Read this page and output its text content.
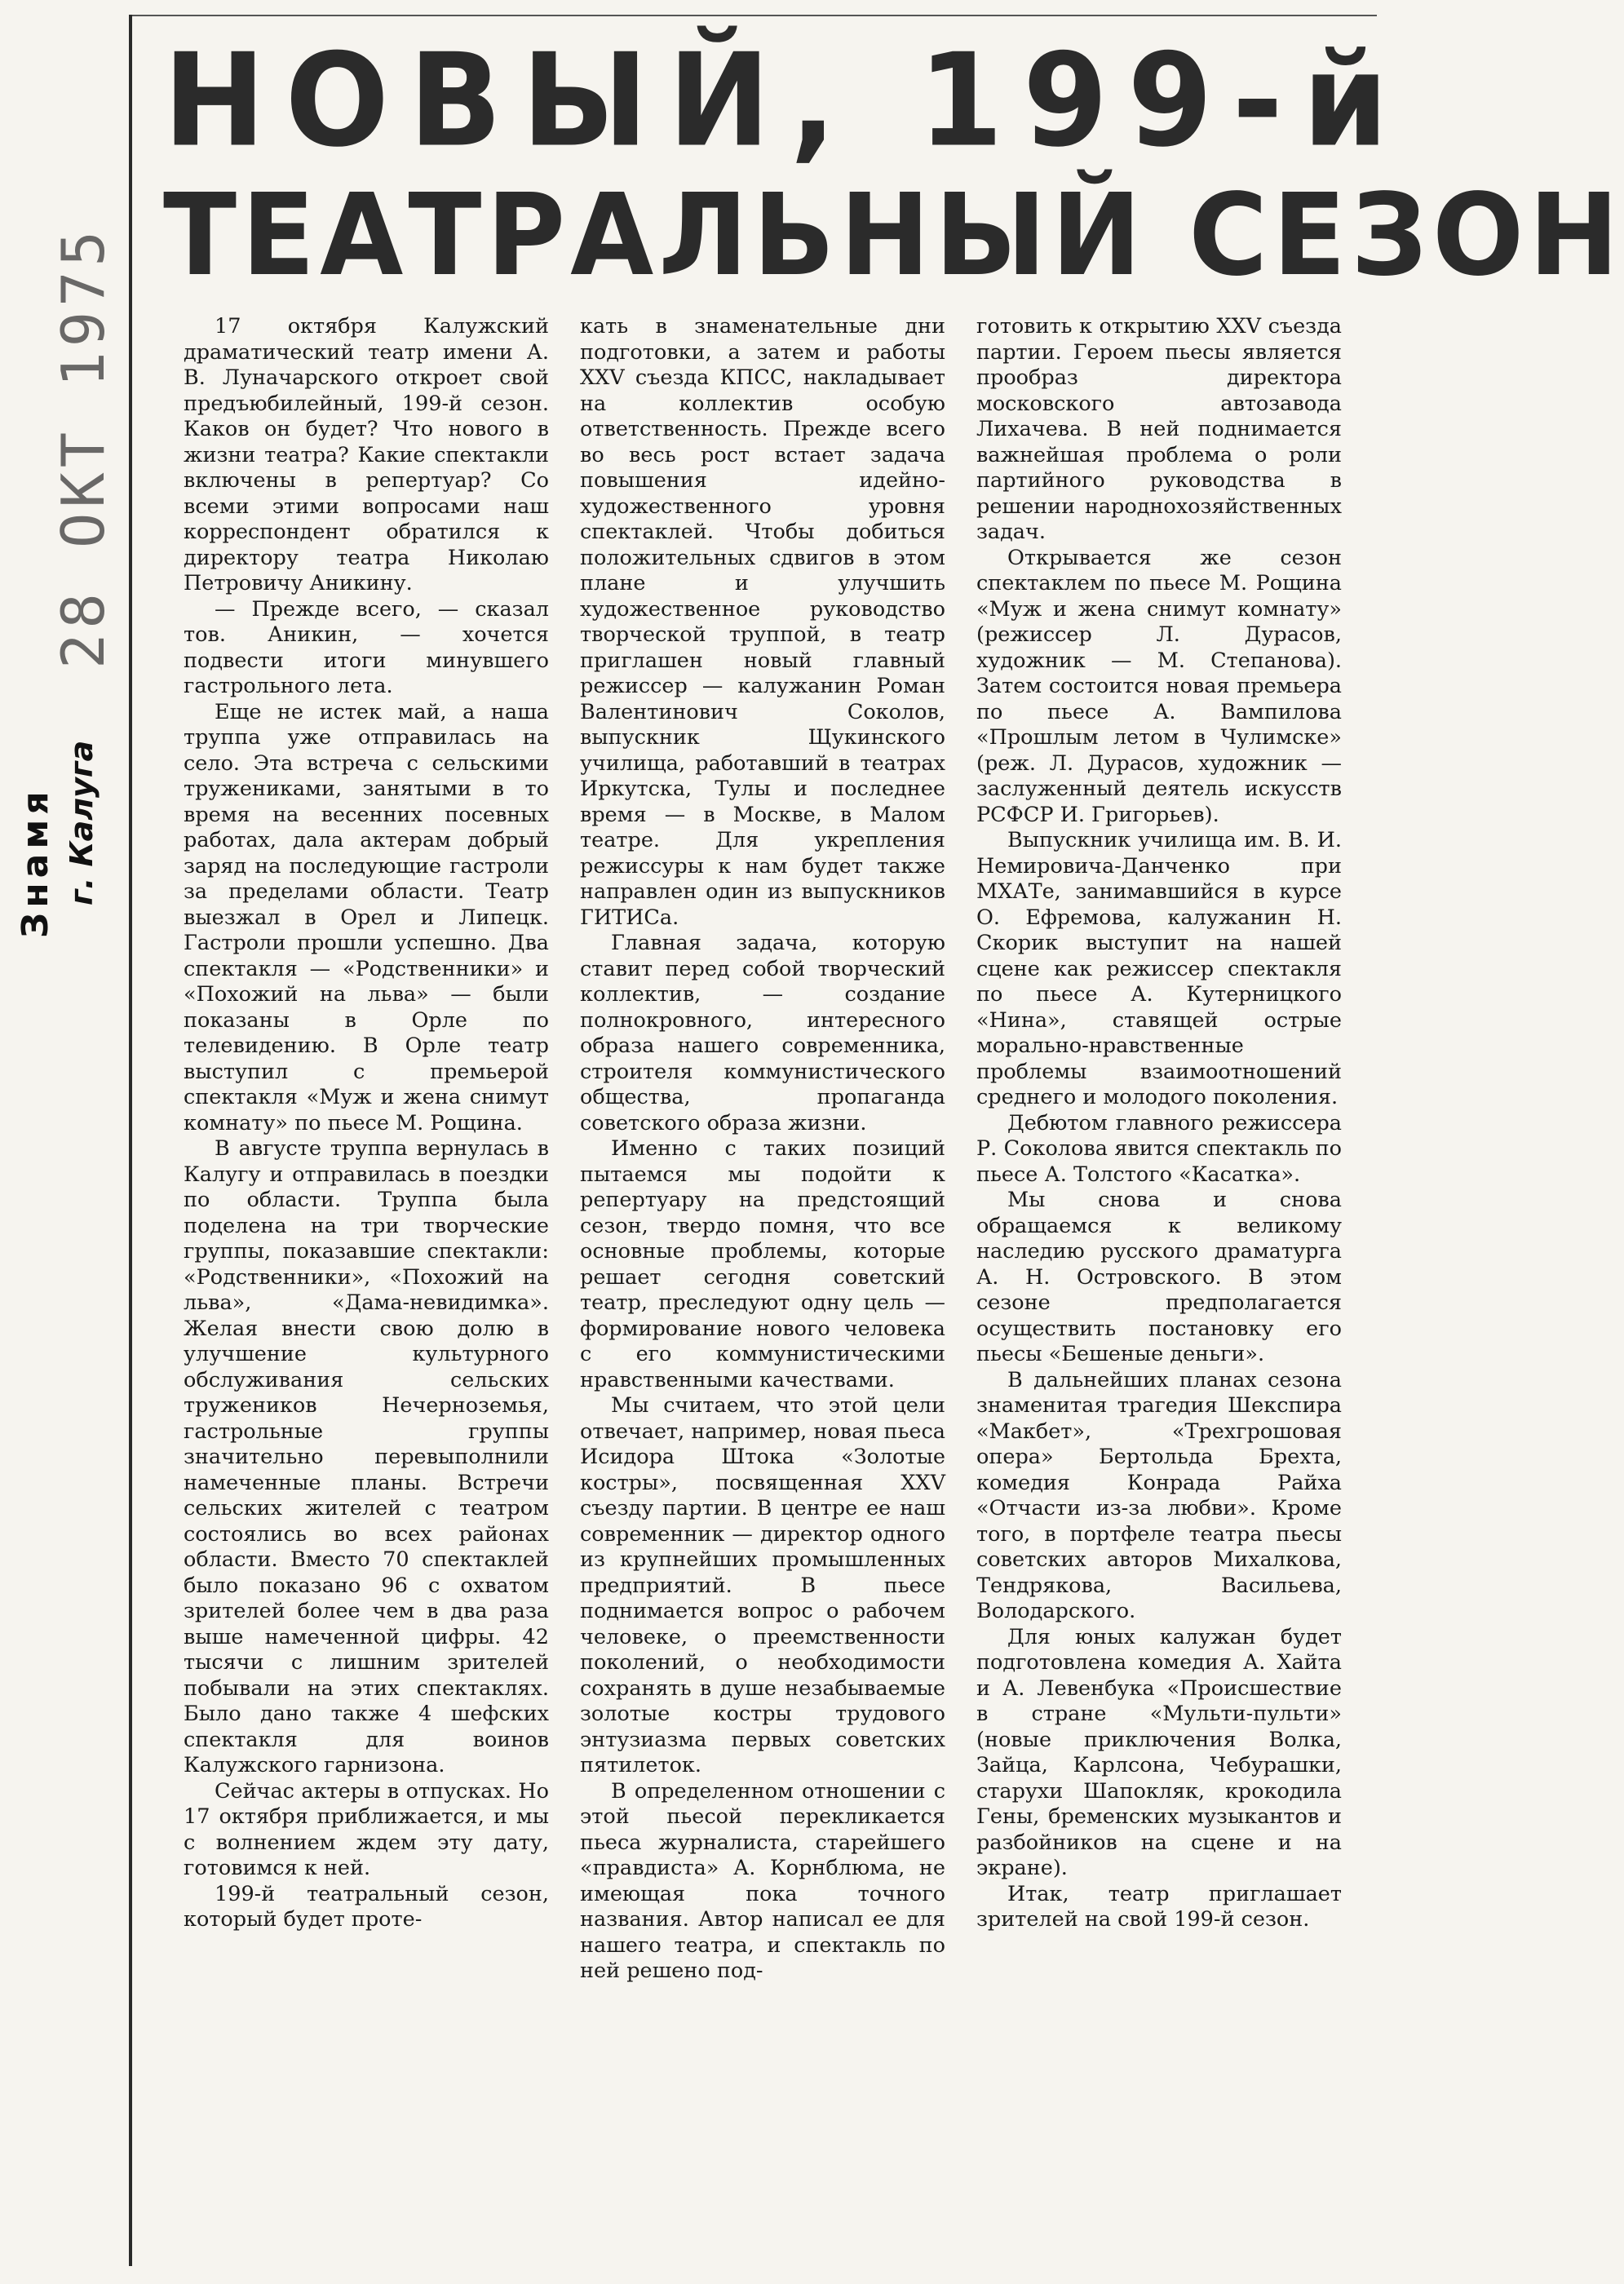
28 ОКТ 1975
Знамя г. Калуга
НОВЫЙ, 199-й
ТЕАТРАЛЬНЫЙ СЕЗОН

17 октября Калужский драматический театр имени А. В. Луначарского откроет свой предъюбилейный, 199-й сезон. Каков он будет? Что нового в жизни театра? Какие спектакли включены в репертуар? Со всеми этими вопросами наш корреспондент обратился к директору театра Николаю Петровичу Аникину.

— Прежде всего, — сказал тов. Аникин, — хочется подвести итоги минувшего гастрольного лета.

Еще не истек май, а наша труппа уже отправилась на село. Эта встреча с сельскими тружениками, занятыми в то время на весенних посевных работах, дала актерам добрый заряд на последующие гастроли за пределами области. Театр выезжал в Орел и Липецк. Гастроли прошли успешно. Два спектакля — «Родственники» и «Похожий на льва» — были показаны в Орле по телевидению. В Орле театр выступил с премьерой спектакля «Муж и жена снимут комнату» по пьесе М. Рощина.

В августе труппа вернулась в Калугу и отправилась в поездки по области. Труппа была поделена на три творческие группы, показавшие спектакли: «Родственники», «Похожий на льва», «Дама-невидимка». Желая внести свою долю в улучшение культурного обслуживания сельских тружеников Нечерноземья, гастрольные группы значительно перевыполнили намеченные планы. Встречи сельских жителей с театром состоялись во всех районах области. Вместо 70 спектаклей было показано 96 с охватом зрителей более чем в два раза выше намеченной цифры. 42 тысячи с лишним зрителей побывали на этих спектаклях. Было дано также 4 шефских спектакля для воинов Калужского гарнизона.

Сейчас актеры в отпусках. Но 17 октября приближается, и мы с волнением ждем эту дату, готовимся к ней.

199-й театральный сезон, который будет проте-

кать в знаменательные дни подготовки, а затем и работы XXV съезда КПСС, накладывает на коллектив особую ответственность. Прежде всего во весь рост встает задача повышения идейно-художественного уровня спектаклей. Чтобы добиться положительных сдвигов в этом плане и улучшить художественное руководство творческой труппой, в театр приглашен новый главный режиссер — калужанин Роман Валентинович Соколов, выпускник Щукинского училища, работавший в театрах Иркутска, Тулы и последнее время — в Москве, в Малом театре. Для укрепления режиссуры к нам будет также направлен один из выпускников ГИТИСа.

Главная задача, которую ставит перед собой творческий коллектив, — создание полнокровного, интересного образа нашего современника, строителя коммунистического общества, пропаганда советского образа жизни.

Именно с таких позиций пытаемся мы подойти к репертуару на предстоящий сезон, твердо помня, что все основные проблемы, которые решает сегодня советский театр, преследуют одну цель — формирование нового человека с его коммунистическими нравственными качествами.

Мы считаем, что этой цели отвечает, например, новая пьеса Исидора Штока «Золотые костры», посвященная XXV съезду партии. В центре ее наш современник — директор одного из крупнейших промышленных предприятий. В пьесе поднимается вопрос о рабочем человеке, о преемственности поколений, о необходимости сохранять в душе незабываемые золотые костры трудового энтузиазма первых советских пятилеток.

В определенном отношении с этой пьесой перекликается пьеса журналиста, старейшего «правдиста» А. Корнблюма, не имеющая пока точного названия. Автор написал ее для нашего театра, и спектакль по ней решено под-

готовить к открытию XXV съезда партии. Героем пьесы является прообраз директора московского автозавода Лихачева. В ней поднимается важнейшая проблема о роли партийного руководства в решении народнохозяйственных задач.

Открывается же сезон спектаклем по пьесе М. Рощина «Муж и жена снимут комнату» (режиссер Л. Дурасов, художник — М. Степанова). Затем состоится новая премьера по пьесе А. Вампилова «Прошлым летом в Чулимске» (реж. Л. Дурасов, художник — заслуженный деятель искусств РСФСР И. Григорьев).

Выпускник училища им. В. И. Немировича-Данченко при МХАТе, занимавшийся в курсе О. Ефремова, калужанин Н. Скорик выступит на нашей сцене как режиссер спектакля по пьесе А. Кутерницкого «Нина», ставящей острые морально-нравственные проблемы взаимоотношений среднего и молодого поколения.

Дебютом главного режиссера Р. Соколова явится спектакль по пьесе А. Толстого «Касатка».

Мы снова и снова обращаемся к великому наследию русского драматурга А. Н. Островского. В этом сезоне предполагается осуществить постановку его пьесы «Бешеные деньги».

В дальнейших планах сезона знаменитая трагедия Шекспира «Макбет», «Трехгрошовая опера» Бертольда Брехта, комедия Конрада Райха «Отчасти из-за любви». Кроме того, в портфеле театра пьесы советских авторов Михалкова, Тендрякова, Васильева, Володарского.

Для юных калужан будет подготовлена комедия А. Хайта и А. Левенбука «Происшествие в стране «Мульти-пульти» (новые приключения Волка, Зайца, Карлсона, Чебурашки, старухи Шапокляк, крокодила Гены, бременских музыкантов и разбойников на сцене и на экране).

Итак, театр приглашает зрителей на свой 199-й сезон.
